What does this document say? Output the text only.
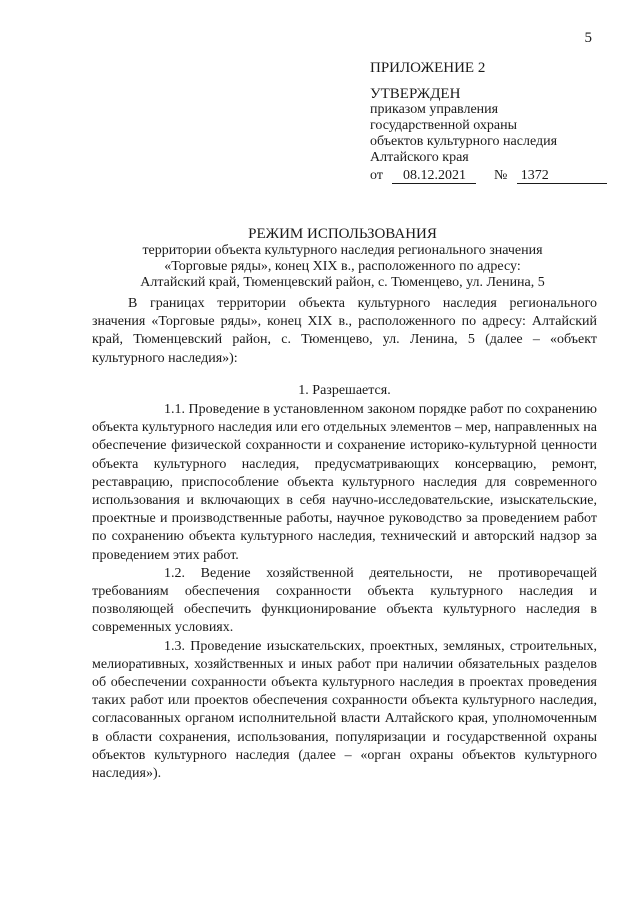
5
ПРИЛОЖЕНИЕ 2
УТВЕРЖДЕН
приказом управления
государственной охраны
объектов культурного наследия
Алтайского края
от 08.12.2021 № 1372
РЕЖИМ ИСПОЛЬЗОВАНИЯ
территории объекта культурного наследия регионального значения
«Торговые ряды», конец XIX в., расположенного по адресу:
Алтайский край, Тюменцевский район, с. Тюменцево, ул. Ленина, 5

В границах территории объекта культурного наследия регионального значения «Торговые ряды», конец XIX в., расположенного по адресу: Алтайский край, Тюменцевский район, с. Тюменцево, ул. Ленина, 5 (далее – «объект культурного наследия»):

1. Разрешается.

1.1. Проведение в установленном законом порядке работ по сохранению объекта культурного наследия или его отдельных элементов – мер, направленных на обеспечение физической сохранности и сохранение историко-культурной ценности объекта культурного наследия, предусматривающих консервацию, ремонт, реставрацию, приспособление объекта культурного наследия для современного использования и включающих в себя научно-исследовательские, изыскательские, проектные и производственные работы, научное руководство за проведением работ по сохранению объекта культурного наследия, технический и авторский надзор за проведением этих работ.

1.2. Ведение хозяйственной деятельности, не противоречащей требованиям обеспечения сохранности объекта культурного наследия и позволяющей обеспечить функционирование объекта культурного наследия в современных условиях.

1.3. Проведение изыскательских, проектных, земляных, строительных, мелиоративных, хозяйственных и иных работ при наличии обязательных разделов об обеспечении сохранности объекта культурного наследия в проектах проведения таких работ или проектов обеспечения сохранности объекта культурного наследия, согласованных органом исполнительной власти Алтайского края, уполномоченным в области сохранения, использования, популяризации и государственной охраны объектов культурного наследия (далее – «орган охраны объектов культурного наследия»).
